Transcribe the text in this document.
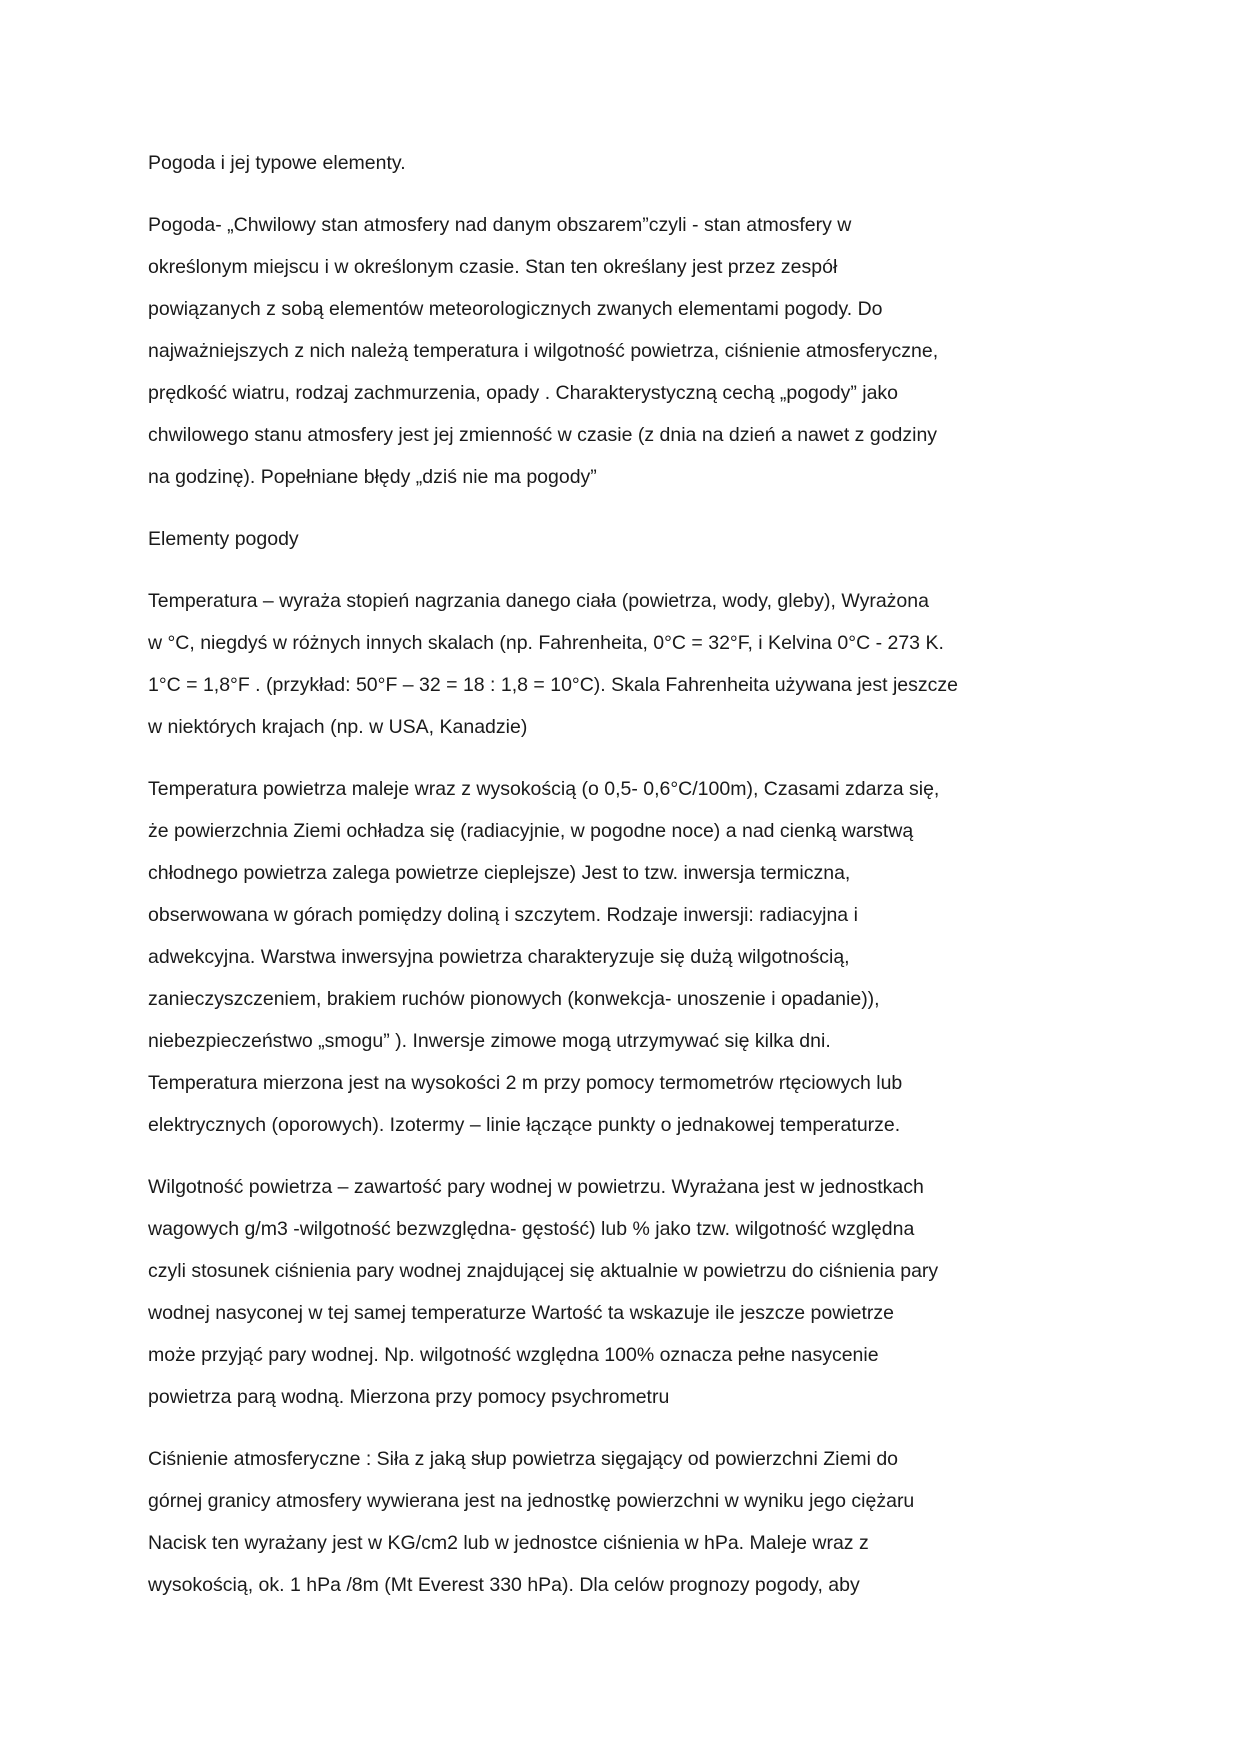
Pogoda i jej typowe elementy.
Pogoda- „Chwilowy stan atmosfery nad danym obszarem”czyli - stan atmosfery w
określonym miejscu i w określonym czasie. Stan ten określany jest przez zespół
powiązanych z sobą elementów meteorologicznych zwanych elementami pogody. Do
najważniejszych z nich należą temperatura i wilgotność powietrza, ciśnienie atmosferyczne,
prędkość wiatru, rodzaj zachmurzenia, opady . Charakterystyczną cechą „pogody” jako
chwilowego stanu atmosfery jest jej zmienność w czasie (z dnia na dzień a nawet z godziny
na godzinę). Popełniane błędy „dziś nie ma pogody”
Elementy pogody
Temperatura – wyraża stopień nagrzania danego ciała (powietrza, wody, gleby), Wyrażona
w °C, niegdyś w różnych innych skalach (np. Fahrenheita, 0°C = 32°F, i Kelvina 0°C - 273 K.
1°C = 1,8°F . (przykład: 50°F – 32 = 18 : 1,8 = 10°C). Skala Fahrenheita używana jest jeszcze
w niektórych krajach (np. w USA, Kanadzie)
Temperatura powietrza maleje wraz z wysokością (o 0,5- 0,6°C/100m), Czasami zdarza się,
że powierzchnia Ziemi ochładza się (radiacyjnie, w pogodne noce) a nad cienką warstwą
chłodnego powietrza zalega powietrze cieplejsze) Jest to tzw. inwersja termiczna,
obserwowana w górach pomiędzy doliną i szczytem. Rodzaje inwersji: radiacyjna i
adwekcyjna. Warstwa inwersyjna powietrza charakteryzuje się dużą wilgotnością,
zanieczyszczeniem, brakiem ruchów pionowych (konwekcja- unoszenie i opadanie)),
niebezpieczeństwo „smogu” ). Inwersje zimowe mogą utrzymywać się kilka dni.
Temperatura mierzona jest na wysokości 2 m przy pomocy termometrów rtęciowych lub
elektrycznych (oporowych). Izotermy – linie łączące punkty o jednakowej temperaturze.
Wilgotność powietrza – zawartość pary wodnej w powietrzu. Wyrażana jest w jednostkach
wagowych g/m3 -wilgotność bezwzględna- gęstość) lub % jako tzw. wilgotność względna
czyli stosunek ciśnienia pary wodnej znajdującej się aktualnie w powietrzu do ciśnienia pary
wodnej nasyconej w tej samej temperaturze Wartość ta wskazuje ile jeszcze powietrze
może przyjąć pary wodnej. Np. wilgotność względna 100% oznacza pełne nasycenie
powietrza parą wodną. Mierzona przy pomocy psychrometru
Ciśnienie atmosferyczne : Siła z jaką słup powietrza sięgający od powierzchni Ziemi do
górnej granicy atmosfery wywierana jest na jednostkę powierzchni w wyniku jego ciężaru
Nacisk ten wyrażany jest w KG/cm2 lub w jednostce ciśnienia w hPa. Maleje wraz z
wysokością, ok. 1 hPa /8m (Mt Everest 330 hPa). Dla celów prognozy pogody, aby
